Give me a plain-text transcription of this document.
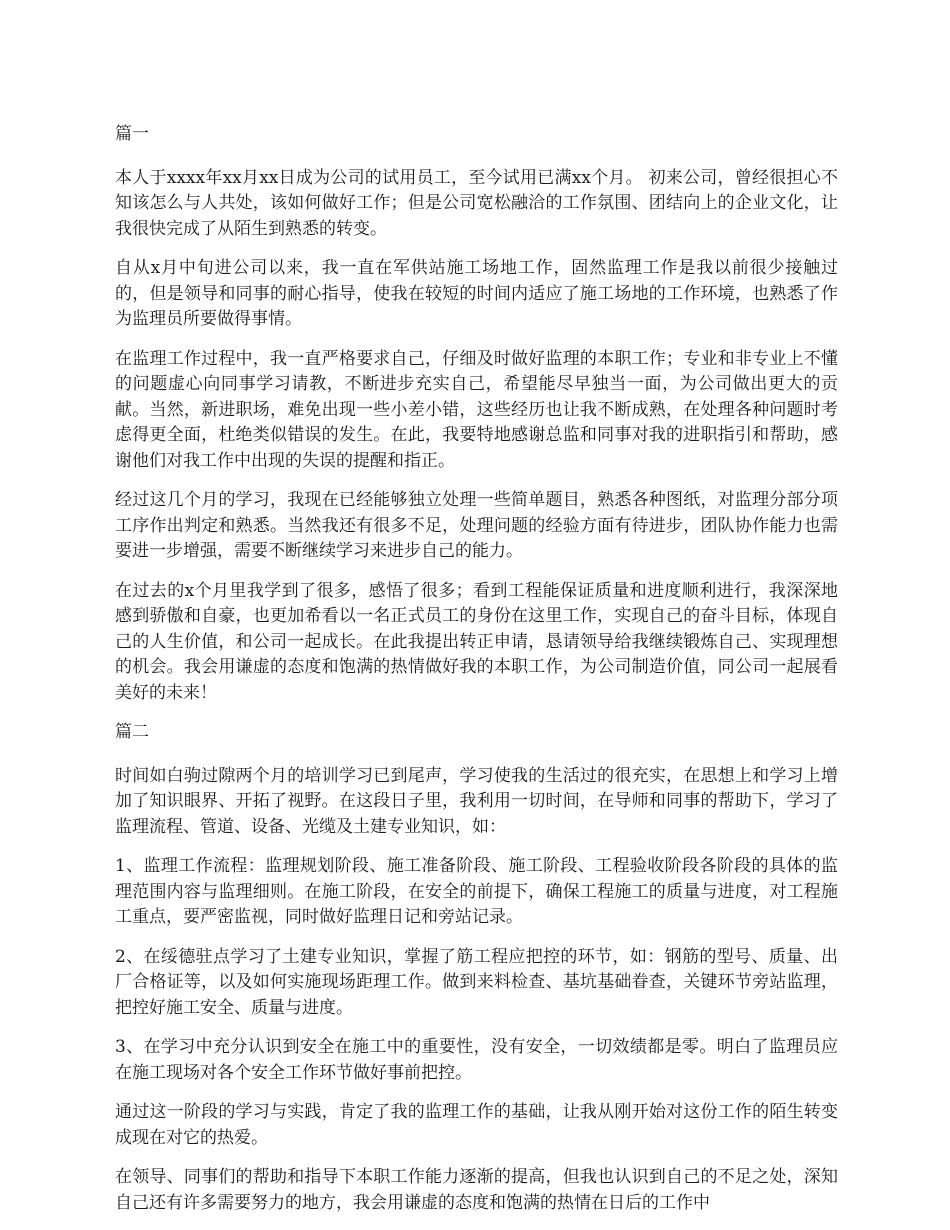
篇一

本人于xxxx年xx月xx日成为公司的试用员工，至今试用已满xx个月。 初来公司，曾经很担心不知该怎么与人共处，该如何做好工作；但是公司宽松融洽的工作氛围、团结向上的企业文化，让我很快完成了从陌生到熟悉的转变。

自从x月中旬进公司以来，我一直在军供站施工场地工作，固然监理工作是我以前很少接触过的，但是领导和同事的耐心指导，使我在较短的时间内适应了施工场地的工作环境，也熟悉了作为监理员所要做得事情。

在监理工作过程中，我一直严格要求自己，仔细及时做好监理的本职工作；专业和非专业上不懂的问题虚心向同事学习请教，不断进步充实自己，希望能尽早独当一面，为公司做出更大的贡献。当然，新进职场，难免出现一些小差小错，这些经历也让我不断成熟，在处理各种问题时考虑得更全面，杜绝类似错误的发生。在此，我要特地感谢总监和同事对我的进职指引和帮助，感谢他们对我工作中出现的失误的提醒和指正。

经过这几个月的学习，我现在已经能够独立处理一些简单题目，熟悉各种图纸，对监理分部分项工序作出判定和熟悉。当然我还有很多不足，处理问题的经验方面有待进步，团队协作能力也需要进一步增强，需要不断继续学习来进步自己的能力。

在过去的x个月里我学到了很多，感悟了很多；看到工程能保证质量和进度顺利进行，我深深地感到骄傲和自豪，也更加希看以一名正式员工的身份在这里工作，实现自己的奋斗目标，体现自己的人生价值，和公司一起成长。在此我提出转正申请，恳请领导给我继续锻炼自己、实现理想的机会。我会用谦虚的态度和饱满的热情做好我的本职工作，为公司制造价值，同公司一起展看美好的未来！

篇二

时间如白驹过隙两个月的培训学习已到尾声，学习使我的生活过的很充实，在思想上和学习上增加了知识眼界、开拓了视野。在这段日子里，我利用一切时间，在导师和同事的帮助下，学习了监理流程、管道、设备、光缆及土建专业知识，如：

1、监理工作流程：监理规划阶段、施工准备阶段、施工阶段、工程验收阶段各阶段的具体的监理范围内容与监理细则。在施工阶段，在安全的前提下，确保工程施工的质量与进度，对工程施工重点，要严密监视，同时做好监理日记和旁站记录。

2、在绥德驻点学习了土建专业知识，掌握了筋工程应把控的环节，如：钢筋的型号、质量、出厂合格证等，以及如何实施现场距理工作。做到来料检查、基坑基础眷查，关键环节旁站监理，把控好施工安全、质量与进度。

3、在学习中充分认识到安全在施工中的重要性，没有安全，一切效绩都是零。明白了监理员应在施工现场对各个安全工作环节做好事前把控。

通过这一阶段的学习与实践，肯定了我的监理工作的基础，让我从刚开始对这份工作的陌生转变成现在对它的热爱。

在领导、同事们的帮助和指导下本职工作能力逐渐的提高，但我也认识到自己的不足之处，深知自己还有许多需要努力的地方，我会用谦虚的态度和饱满的热情在日后的工作中
